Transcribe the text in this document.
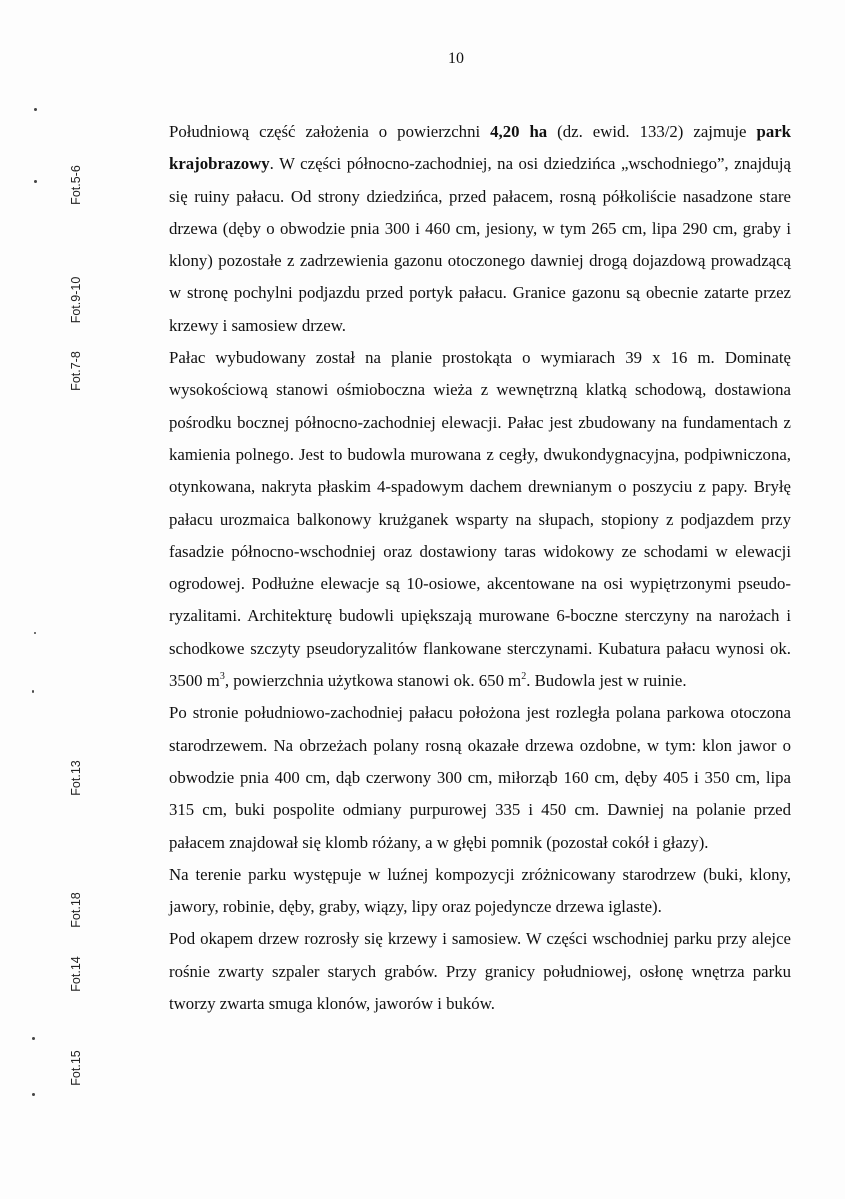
10
Fot.5-6
Fot.9-10
Fot.7-8
Fot.13
Fot.18
Fot.14
Fot.15

Południową część założenia o powierzchni 4,20 ha (dz. ewid. 133/2) zajmuje park krajobrazowy. W części północno-zachodniej, na osi dziedzińca „wschodniego”, znajdują się ruiny pałacu. Od strony dziedzińca, przed pałacem, rosną półkoliście nasadzone stare drzewa (dęby o obwodzie pnia 300 i 460 cm, jesiony, w tym 265 cm, lipa 290 cm, graby i klony) pozostałe z zadrzewienia gazonu otoczonego dawniej drogą dojazdową prowadzącą w stronę pochylni podjazdu przed portyk pałacu. Granice gazonu są obecnie zatarte przez krzewy i samosiew drzew.

Pałac wybudowany został na planie prostokąta o wymiarach 39 x 16 m. Dominatę wysokościową stanowi ośmioboczna wieża z wewnętrzną klatką schodową, dostawiona pośrodku bocznej północno-zachodniej elewacji. Pałac jest zbudowany na fundamentach z kamienia polnego. Jest to budowla murowana z cegły, dwukondygnacyjna, podpiwniczona, otynkowana, nakryta płaskim 4-spadowym dachem drewnianym o poszyciu z papy. Bryłę pałacu urozmaica balkonowy krużganek wsparty na słupach, stopiony z podjazdem przy fasadzie północno-wschodniej oraz dostawiony taras widokowy ze schodami w elewacji ogrodowej. Podłużne elewacje są 10-osiowe, akcentowane na osi wypiętrzonymi pseudo-ryzalitami. Architekturę budowli upiększają murowane 6-boczne sterczyny na narożach i schodkowe szczyty pseudoryzalitów flankowane sterczynami. Kubatura pałacu wynosi ok. 3500 $m^3$, powierzchnia użytkowa stanowi ok. 650 $m^2$. Budowla jest w ruinie.

Po stronie południowo-zachodniej pałacu położona jest rozległa polana parkowa otoczona starodrzewem. Na obrzeżach polany rosną okazałe drzewa ozdobne, w tym: klon jawor o obwodzie pnia 400 cm, dąb czerwony 300 cm, miłorząb 160 cm, dęby 405 i 350 cm, lipa 315 cm, buki pospolite odmiany purpurowej 335 i 450 cm. Dawniej na polanie przed pałacem znajdował się klomb różany, a w głębi pomnik (pozostał cokół i głazy).

Na terenie parku występuje w luźnej kompozycji zróżnicowany starodrzew (buki, klony, jawory, robinie, dęby, graby, wiązy, lipy oraz pojedyncze drzewa iglaste).

Pod okapem drzew rozrosły się krzewy i samosiew. W części wschodniej parku przy alejce rośnie zwarty szpaler starych grabów. Przy granicy południowej, osłonę wnętrza parku tworzy zwarta smuga klonów, jaworów i buków.
